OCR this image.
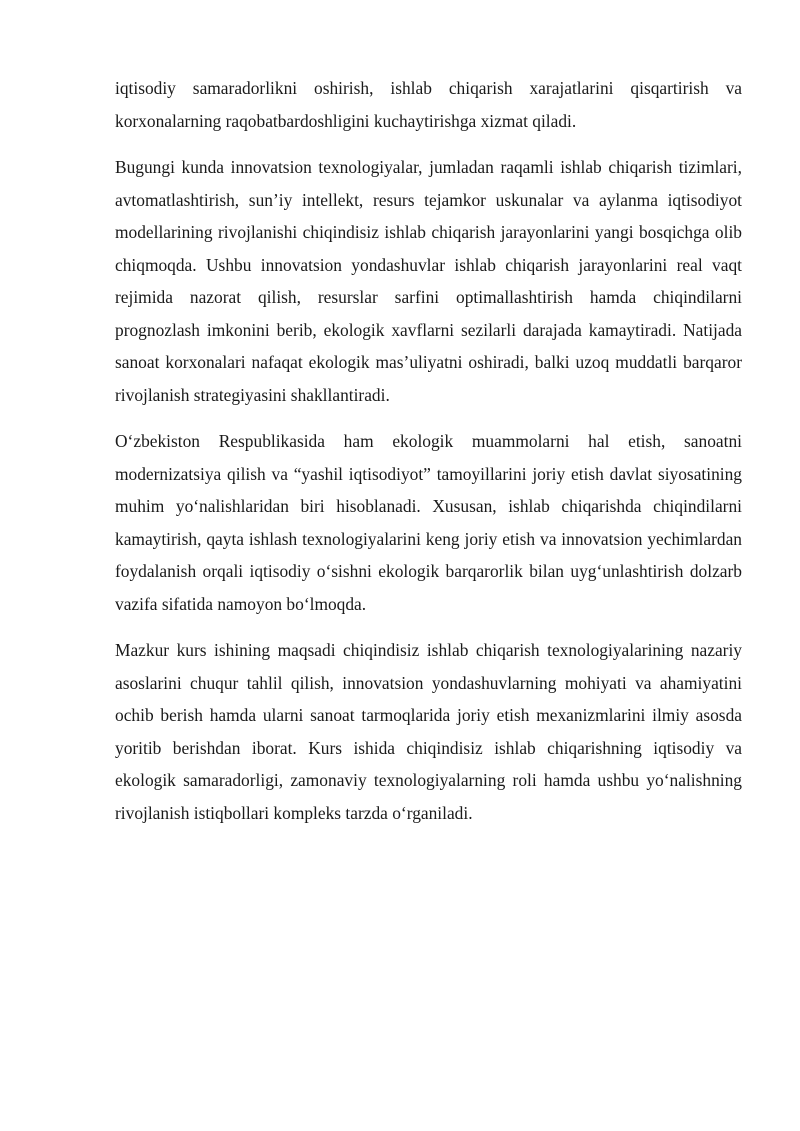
iqtisodiy samaradorlikni oshirish, ishlab chiqarish xarajatlarini qisqartirish va korxonalarning raqobatbardoshligini kuchaytirishga xizmat qiladi.

Bugungi kunda innovatsion texnologiyalar, jumladan raqamli ishlab chiqarish tizimlari, avtomatlashtirish, sun’iy intellekt, resurs tejamkor uskunalar va aylanma iqtisodiyot modellarining rivojlanishi chiqindisiz ishlab chiqarish jarayonlarini yangi bosqichga olib chiqmoqda. Ushbu innovatsion yondashuvlar ishlab chiqarish jarayonlarini real vaqt rejimida nazorat qilish, resurslar sarfini optimallashtirish hamda chiqindilarni prognozlash imkonini berib, ekologik xavflarni sezilarli darajada kamaytiradi. Natijada sanoat korxonalari nafaqat ekologik mas’uliyatni oshiradi, balki uzoq muddatli barqaror rivojlanish strategiyasini shakllantiradi.

O‘zbekiston Respublikasida ham ekologik muammolarni hal etish, sanoatni modernizatsiya qilish va “yashil iqtisodiyot” tamoyillarini joriy etish davlat siyosatining muhim yo‘nalishlaridan biri hisoblanadi. Xususan, ishlab chiqarishda chiqindilarni kamaytirish, qayta ishlash texnologiyalarini keng joriy etish va innovatsion yechimlardan foydalanish orqali iqtisodiy o‘sishni ekologik barqarorlik bilan uyg‘unlashtirish dolzarb vazifa sifatida namoyon bo‘lmoqda.

Mazkur kurs ishining maqsadi chiqindisiz ishlab chiqarish texnologiyalarining nazariy asoslarini chuqur tahlil qilish, innovatsion yondashuvlarning mohiyati va ahamiyatini ochib berish hamda ularni sanoat tarmoqlarida joriy etish mexanizmlarini ilmiy asosda yoritib berishdan iborat. Kurs ishida chiqindisiz ishlab chiqarishning iqtisodiy va ekologik samaradorligi, zamonaviy texnologiyalarning roli hamda ushbu yo‘nalishning rivojlanish istiqbollari kompleks tarzda o‘rganiladi.
